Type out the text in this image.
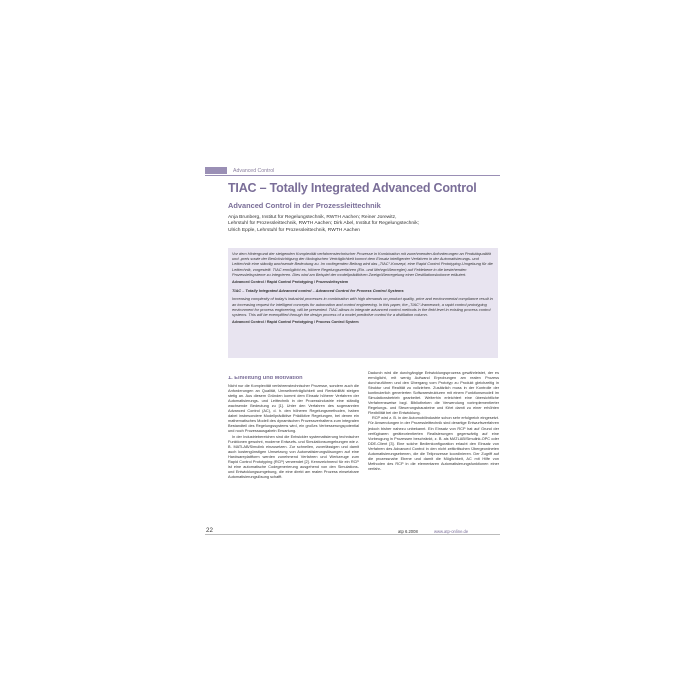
Advanced Control
TIAC – Totally Integrated Advanced Control
Advanced Control in der Prozessleittechnik
Anja Brunberg, Institut für Regelungstechnik, RWTH Aachen; Reiner Jorewitz,
Lehrstuhl für Prozessleittechnik, RWTH Aachen; Dirk Abel, Institut für Regelungstechnik;
Ulrich Epple, Lehrstuhl für Prozessleittechnik, RWTH Aachen

Vor dem Hintergrund der steigenden Komplexität verfahrenstechnischer Prozesse in Kombination mit zunehmenden Anforderungen an Produktqualität und -preis sowie der Berücksichtigung der ökologischen Verträglichkeit kommt dem Einsatz intelligenter Verfahren in der Automatisierungs- und Leittechnik eine ständig wachsende Bedeutung zu. Im vorliegenden Beitrag wird das „TIAC“-Konzept, eine Rapid Control Prototyping-Umgebung für die Leittechnik, vorgestellt. TIAC ermöglicht es, höhere Regelungsverfahren (Ein- und Mehrgrößenregler) auf Feldebene in die bestehenden Prozessleitsysteme zu integrieren. Dies wird am Beispiel der modellprädiktiven Zweigrößenregelung einer Destillationskolonne erläutert.

Advanced Control / Rapid Control Prototyping / Prozessleitsystem

TIAC – Totally Integrated Advanced control – Advanced Control for Process Control Systems

Increasing complexity of today's industrial processes in combination with high demands on product quality, price and environmental compliance result in an increasing request for intelligent concepts for automation and control engineering. In this paper, the „TIAC“-framework, a rapid control prototyping environment for process engineering, will be presented. TIAC allows to integrate advanced control methods in the field level in existing process control systems. This will be exemplified through the design process of a model predictive control for a distillation column.

Advanced Control / Rapid Control Prototyping / Process Control System

1. Einleitung und Motivation

Nicht nur die Komplexität verfahrenstechnischer Prozesse, sondern auch die Anforderungen an Qualität, Umweltverträglichkeit und Rentabilität steigen stetig an. Aus diesem Gründen kommt dem Einsatz höherer Verfahren der Automatisierungs- und Leittechnik in der Prozessindustrie eine ständig wachsende Bedeutung zu [1]. Unter den Verfahren des sogenannten Advanced Control (AC), d. h. den höheren Regelungsmethoden, haben dabei insbesondere Modellprädiktive Prädiktive Regelungen, bei denen ein mathematisches Modell des dynamischen Prozessverhaltens zum integralen Bestandteil des Regelungssystems wird, ein großes Verbesserungspotential und noch Prozessausgabeln Erwartung.

In der Industriebereichen sind die Entwickler systematisierung technischer Funktionen gewohnt, moderne Entwurfs- und Simulationsumgebungen wie z. B. MATLAB/Simulink einzusetzen. Zur schnellen, zuverlässigen und damit auch kostengünstigen Umsetzung von Automatisierungslösungen auf eine Hardwareplattform werden zunehmend Verfahren und Werkzeuge zum Rapid Control Prototyping (RCP) verwendet [2]. Kennzeichnend für ein RCP ist eine automatische Codegenerierung ausgehend von den Simulations- und Entwicklungsumgebung, die eine direkt am realen Prozess einsetzbare Automatisierungslösung schafft.

Dadurch wird die durchgängige Entwicklungsprozess gewährleistet, der es ermöglicht, mit wenig Aufwand Erprobungen am realen Prozess durchzuführen und den Übergang vom Prototyp zu Produkt gleichzeitig in Struktur und Realität zu vollziehen. Zusätzlich muss in der Kontrolle der kontinuierlich generierten Softwarestrukturen mit einem Funktionsmodell im Simulationsbetrieb gearbeitet. Weiterhin erleichtert eine übersichtliche Verfahrensweise bzgl. Bibliotheken die Verwendung vorimplementierter Regelungs- und Steuerungsbausteine und führt damit zu einer erhöhten Flexibilität bei der Entwicklung.

RCP wird z. B. in der Automobilindustrie schon sehr erfolgreich eingesetzt. Für Anwendungen in der Prozessleittechnik sind derartige Entwurfsverfahren jedoch bisher nahezu unbekannt. Ein Einsatz von RCP hat auf Grund der verfügbaren geräteorientierten Realisierungen gegenwärtig auf eine Vorbeugung in Prozessen beschränkt, z. B. als MATLAB/Simulink-OPC oder DDE-Client [3]. Eine solche Bedienkonfiguration erlaubt den Einsatz von Verfahren des Advanced Control in den nicht zeitkritischen Übergeordneten Automatisierungsebenen, die die Teilprozesse koordinieren. Der Zugriff auf die prozessnahe Ebene und damit die Möglichkeit, AC mit Hilfe von Methoden des RCP in die elementaren Automatisierungsfunktionen einer verfahr-

22	atp 6.2008	www.atp-online.de
